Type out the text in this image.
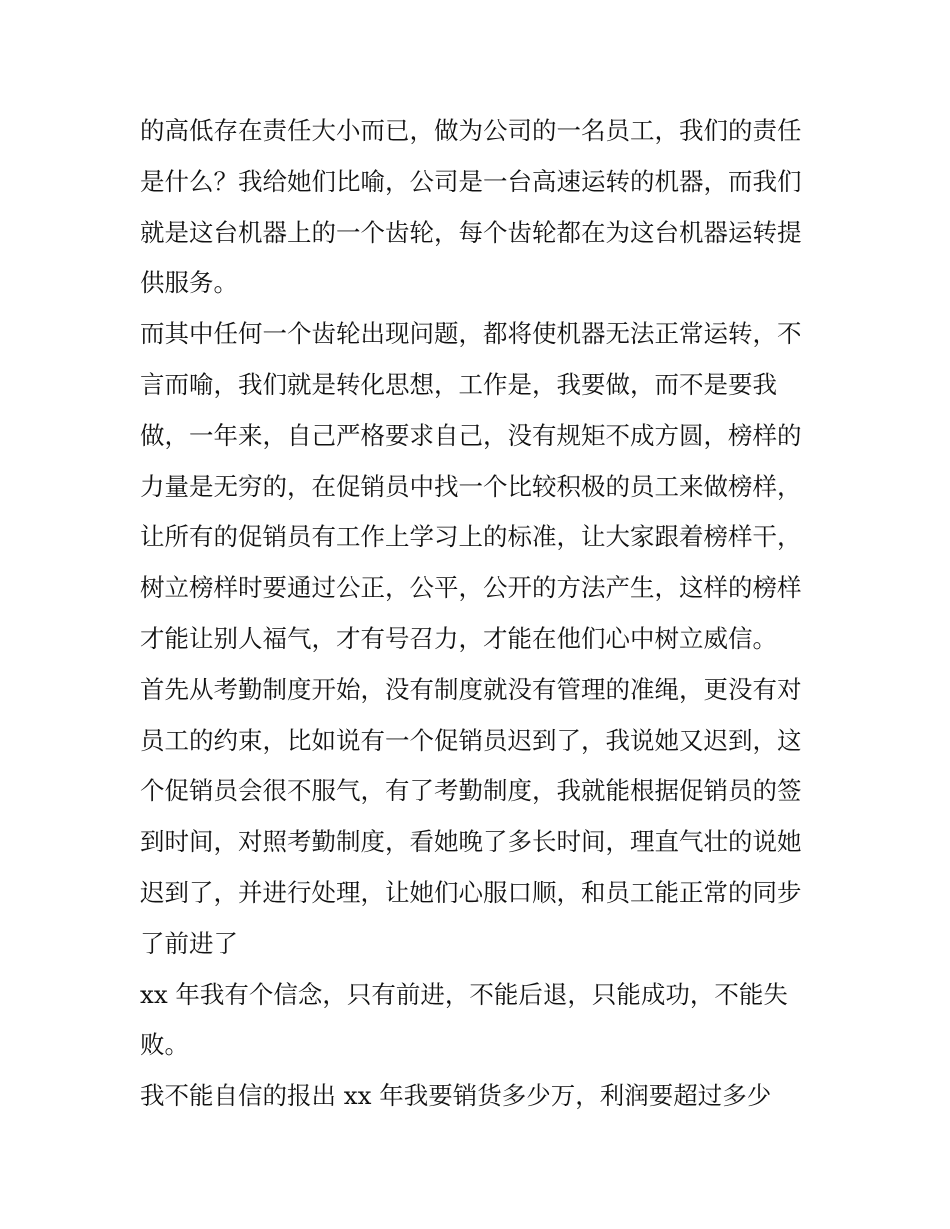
的高低存在责任大小而已，做为公司的一名员工，我们的责任
是什么？我给她们比喻，公司是一台高速运转的机器，而我们
就是这台机器上的一个齿轮，每个齿轮都在为这台机器运转提
供服务。
而其中任何一个齿轮出现问题，都将使机器无法正常运转，不
言而喻，我们就是转化思想，工作是，我要做，而不是要我
做，一年来，自己严格要求自己，没有规矩不成方圆，榜样的
力量是无穷的，在促销员中找一个比较积极的员工来做榜样，
让所有的促销员有工作上学习上的标准，让大家跟着榜样干，
树立榜样时要通过公正，公平，公开的方法产生，这样的榜样
才能让别人福气，才有号召力，才能在他们心中树立威信。
首先从考勤制度开始，没有制度就没有管理的准绳，更没有对
员工的约束，比如说有一个促销员迟到了，我说她又迟到，这
个促销员会很不服气，有了考勤制度，我就能根据促销员的签
到时间，对照考勤制度，看她晚了多长时间，理直气壮的说她
迟到了，并进行处理，让她们心服口顺，和员工能正常的同步
了前进了
xx 年我有个信念，只有前进，不能后退，只能成功，不能失
败。
我不能自信的报出 xx 年我要销货多少万，利润要超过多少
